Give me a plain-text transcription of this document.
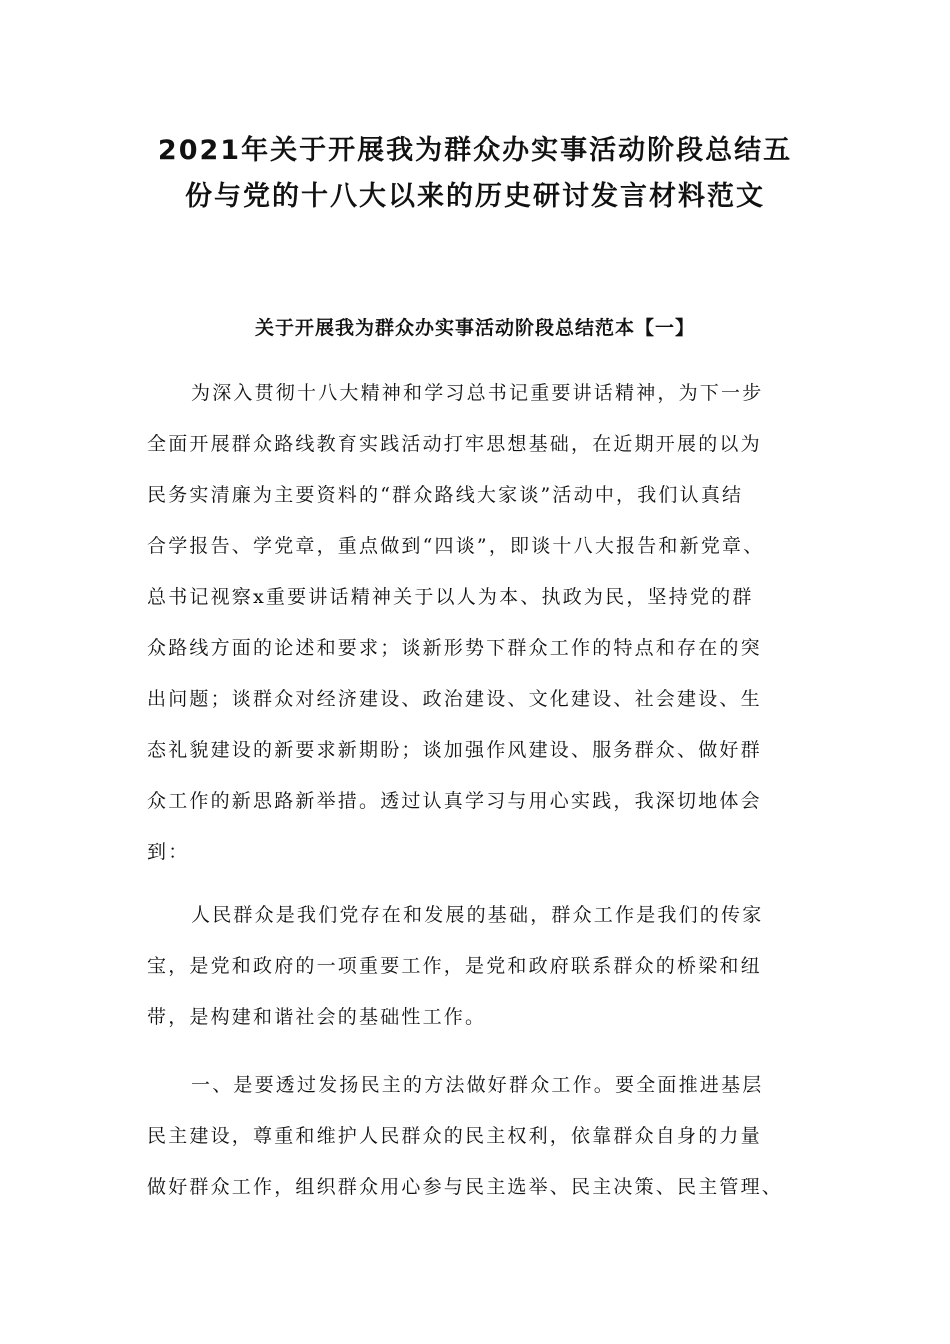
2021年关于开展我为群众办实事活动阶段总结五
份与党的十八大以来的历史研讨发言材料范文
关于开展我为群众办实事活动阶段总结范本【一】
为深入贯彻十八大精神和学习总书记重要讲话精神，为下一步
全面开展群众路线教育实践活动打牢思想基础，在近期开展的以为
民务实清廉为主要资料的“群众路线大家谈”活动中，我们认真结
合学报告、学党章，重点做到“四谈”，即谈十八大报告和新党章、
总书记视察x重要讲话精神关于以人为本、执政为民，坚持党的群
众路线方面的论述和要求；谈新形势下群众工作的特点和存在的突
出问题；谈群众对经济建设、政治建设、文化建设、社会建设、生
态礼貌建设的新要求新期盼；谈加强作风建设、服务群众、做好群
众工作的新思路新举措。透过认真学习与用心实践，我深切地体会
到：
人民群众是我们党存在和发展的基础，群众工作是我们的传家
宝，是党和政府的一项重要工作，是党和政府联系群众的桥梁和纽
带，是构建和谐社会的基础性工作。
一、是要透过发扬民主的方法做好群众工作。要全面推进基层
民主建设，尊重和维护人民群众的民主权利，依靠群众自身的力量
做好群众工作，组织群众用心参与民主选举、民主决策、民主管理、
